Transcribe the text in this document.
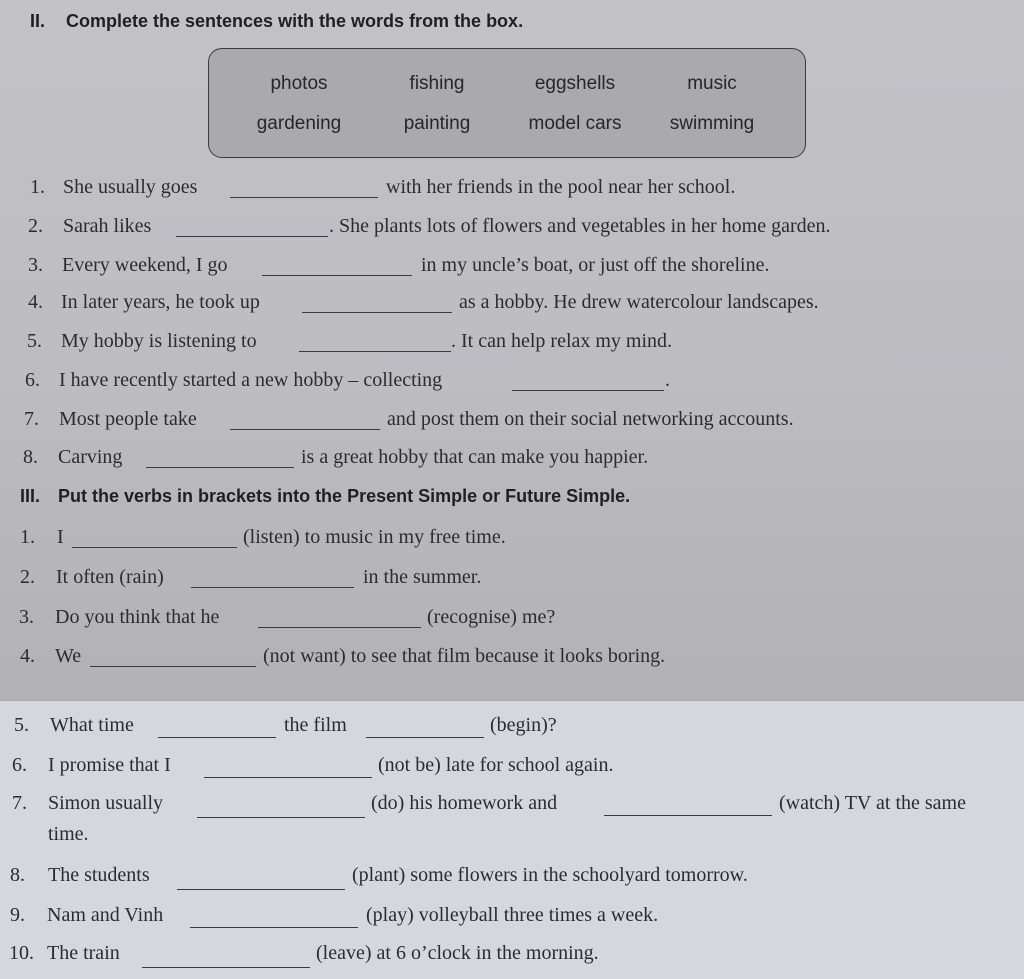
II. Complete the sentences with the words from the box.
photos	fishing	eggshells	music
gardening	painting	model cars	swimming
1. She usually goes	with her friends in the pool near her school.
2. Sarah likes	. She plants lots of flowers and vegetables in her home garden.
3. Every weekend, I go	in my uncle’s boat, or just off the shoreline.
4. In later years, he took up	as a hobby. He drew watercolour landscapes.
5. My hobby is listening to	. It can help relax my mind.
6. I have recently started a new hobby – collecting	.
7. Most people take	and post them on their social networking accounts.
8. Carving	is a great hobby that can make you happier.
III. Put the verbs in brackets into the Present Simple or Future Simple.
1. I	(listen) to music in my free time.
2. It often (rain)	in the summer.
3. Do you think that he	(recognise) me?
4. We	(not want) to see that film because it looks boring.
5. What time	the film	(begin)?
6. I promise that I	(not be) late for school again.
7. Simon usually	(do) his homework and	(watch) TV at the same
time.
8. The students	(plant) some flowers in the schoolyard tomorrow.
9. Nam and Vinh	(play) volleyball three times a week.
10. The train	(leave) at 6 o’clock in the morning.
